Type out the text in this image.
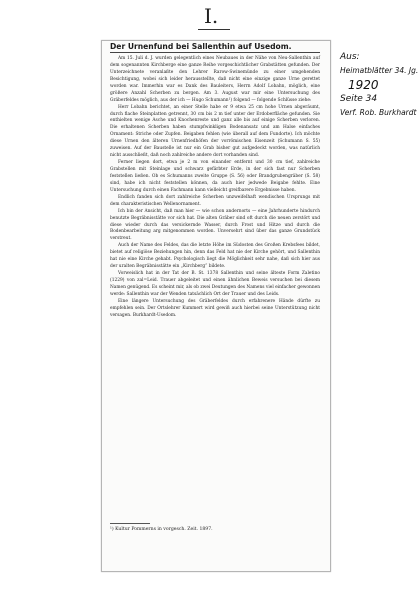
I.
Der Urnenfund bei Sallenthin auf Usedom.

Am 15. Juli d. J. wurden gelegentlich eines Neubaues in der Nähe von Neu-Sallenthin auf dem sogenannten Kirchberge eine ganze Reihe vorgeschichtlicher Grabstätten gefunden. Der Unterzeichnete veranlaßte den Lehrer Rarow-Swinemünde zu einer umgehenden Besichtigung, wobei sich leider herausstellte, daß nicht eine einzige ganze Urne gerettet worden war. Immerhin war es Dank des Bauleiters, Herrn Adolf Lobahn, möglich, eine größere Anzahl Scherben zu bergen. Am 3. August war mir eine Untersuchung des Gräberfeldes möglich, aus der ich — Hugo Schumann¹) folgend — folgende Schlüsse ziehe:

Herr Lobahn berichtet, an einer Stelle habe er 9 etwa 25 cm hohe Urnen abgeräumt, durch flache Steinplatten getrennt, 30 cm bis 2 m tief unter der Erdoberfläche gefunden. Sie enthielten wenige Asche und Knochenreste und ganz alle bis auf einige Scherben verloren. Die erhaltenen Scherben haben stumpfwinkligen Bodenansatz und am Halse einfaches Ornament: Striche oder Zupfen. Beigaben fehlen (wie überall auf dem Fundorte). Ich möchte diese Urnen den älteren Urnenfriedhöfen der vorrömischen Eisenzeit (Schumann S. 55) zuweisen. Auf der Baustelle ist nur ein Grab bisher gut aufgedeckt worden, was natürlich nicht ausschließt, daß noch zahlreiche andere dort vorhanden sind.

Ferner liegen dort, etwa je 2 m von einander entfernt und 30 cm tief, zahlreiche Grabstellen mit Steinlage und schwarz gefärbter Erde, in der sich fast nur Scherben feststellen ließen. Ob es Schumanns zweite Gruppe (S. 56) oder Brandgrubengräber (S. 58) sind, habe ich nicht feststellen können, da auch hier jedwede Beigabe fehlte. Eine Untersuchung durch einen Fachmann kann vielleicht greifbarere Ergebnisse haben.

Endlich fanden sich dort zahlreiche Scherben unzweifelhaft wendischen Ursprungs mit dem charakteristischen Wellenornament.

Ich bin der Ansicht, daß man hier — wie schon andernorts — eine Jahrhunderte hindurch benutzte Begräbnisstätte vor sich hat. Die alten Gräber sind oft durch die neuen zerstört und diese wieder durch das versickernde Wasser, durch Frost und Hitze und durch die Bodenbearbeitung arg mitgenommen worden. Unversehrt sind über das ganze Grundstück verstreut.

Auch der Name des Feldes, das die letzte Höhe im Südosten des Großen Krebsfees bildet, bietet auf religiöse Beziehungen hin, denn das Feld hat nie der Kirche gehört, und Sallenthin hat nie eine Kirche gehabt. Psychologisch liegt die Möglichkeit sehr nahe, daß sich hier aus der uralten Begräbnisstätte ein „Kirchberg“ bildete.

Vorweislich hat in der Tat der B. St. 1378 Sallenthin und seine älteste Form Zaletino (1229) von zal=Leid. Trauer abgeleitet und einen ähnlichen Beweis versuchen bei diesem Namen genügend. Es scheint mir, als ob zwei Deutungen des Namens viel einfacher gewonnen werde: Sallenthin war der Wenden tatsächlich Ort der Trauer und des Leids.

Eine längere Untersuchung des Gräberfeldes durch erfahrenere Hände dürfte zu empfehlen sein. Der Ortslehrer Kummert wird gewiß auch hierbei seine Unterstützung nicht versagen. Burkhardt-Usedom.

¹) Kultur Pommerns in vorgesch. Zeit. 1897.
Aus:
Heimatblätter 34. Jg.
1920
Seite 34
Verf. Rob. Burkhardt
